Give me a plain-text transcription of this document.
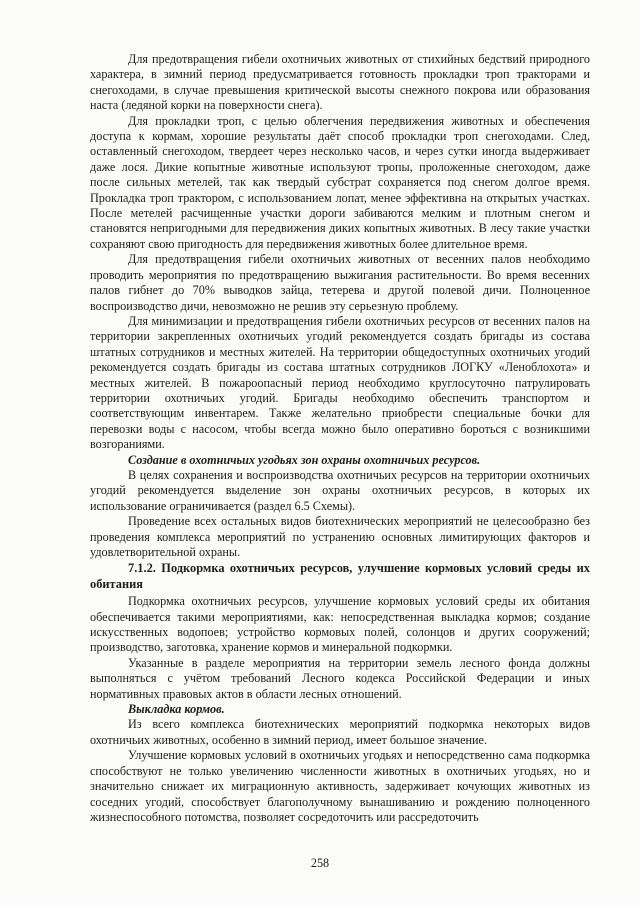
Для предотвращения гибели охотничьих животных от стихийных бедствий природного характера, в зимний период предусматривается готовность прокладки троп тракторами и снегоходами, в случае превышения критической высоты снежного покрова или образования наста (ледяной корки на поверхности снега).

Для прокладки троп, с целью облегчения передвижения животных и обеспечения доступа к кормам, хорошие результаты даёт способ прокладки троп снегоходами. След, оставленный снегоходом, твердеет через несколько часов, и через сутки иногда выдерживает даже лося. Дикие копытные животные используют тропы, проложенные снегоходом, даже после сильных метелей, так как твердый субстрат сохраняется под снегом долгое время. Прокладка троп трактором, с использованием лопат, менее эффективна на открытых участках. После метелей расчищенные участки дороги забиваются мелким и плотным снегом и становятся непригодными для передвижения диких копытных животных. В лесу такие участки сохраняют свою пригодность для передвижения животных более длительное время.

Для предотвращения гибели охотничьих животных от весенних палов необходимо проводить мероприятия по предотвращению выжигания растительности. Во время весенних палов гибнет до 70% выводков зайца, тетерева и другой полевой дичи. Полноценное воспроизводство дичи, невозможно не решив эту серьезную проблему.

Для минимизации и предотвращения гибели охотничьих ресурсов от весенних палов на территории закрепленных охотничьих угодий рекомендуется создать бригады из состава штатных сотрудников и местных жителей. На территории общедоступных охотничьих угодий рекомендуется создать бригады из состава штатных сотрудников ЛОГКУ «Леноблохота» и местных жителей. В пожароопасный период необходимо круглосуточно патрулировать территории охотничьих угодий. Бригады необходимо обеспечить транспортом и соответствующим инвентарем. Также желательно приобрести специальные бочки для перевозки воды с насосом, чтобы всегда можно было оперативно бороться с возникшими возгораниями.

Создание в охотничьих угодьях зон охраны охотничьих ресурсов.

В целях сохранения и воспроизводства охотничьих ресурсов на территории охотничьих угодий рекомендуется выделение зон охраны охотничьих ресурсов, в которых их использование ограничивается (раздел 6.5 Схемы).

Проведение всех остальных видов биотехнических мероприятий не целесообразно без проведения комплекса мероприятий по устранению основных лимитирующих факторов и удовлетворительной охраны.

7.1.2. Подкормка охотничьих ресурсов, улучшение кормовых условий среды их обитания

Подкормка охотничьих ресурсов, улучшение кормовых условий среды их обитания обеспечивается такими мероприятиями, как: непосредственная выкладка кормов; создание искусственных водопоев; устройство кормовых полей, солонцов и других сооружений; производство, заготовка, хранение кормов и минеральной подкормки.

Указанные в разделе мероприятия на территории земель лесного фонда должны выполняться с учётом требований Лесного кодекса Российской Федерации и иных нормативных правовых актов в области лесных отношений.

Выкладка кормов.

Из всего комплекса биотехнических мероприятий подкормка некоторых видов охотничьих животных, особенно в зимний период, имеет большое значение.

Улучшение кормовых условий в охотничьих угодьях и непосредственно сама подкормка способствуют не только увеличению численности животных в охотничьих угодьях, но и значительно снижает их миграционную активность, задерживает кочующих животных из соседних угодий, способствует благополучному вынашиванию и рождению полноценного жизнеспособного потомства, позволяет сосредоточить или рассредоточить

258
